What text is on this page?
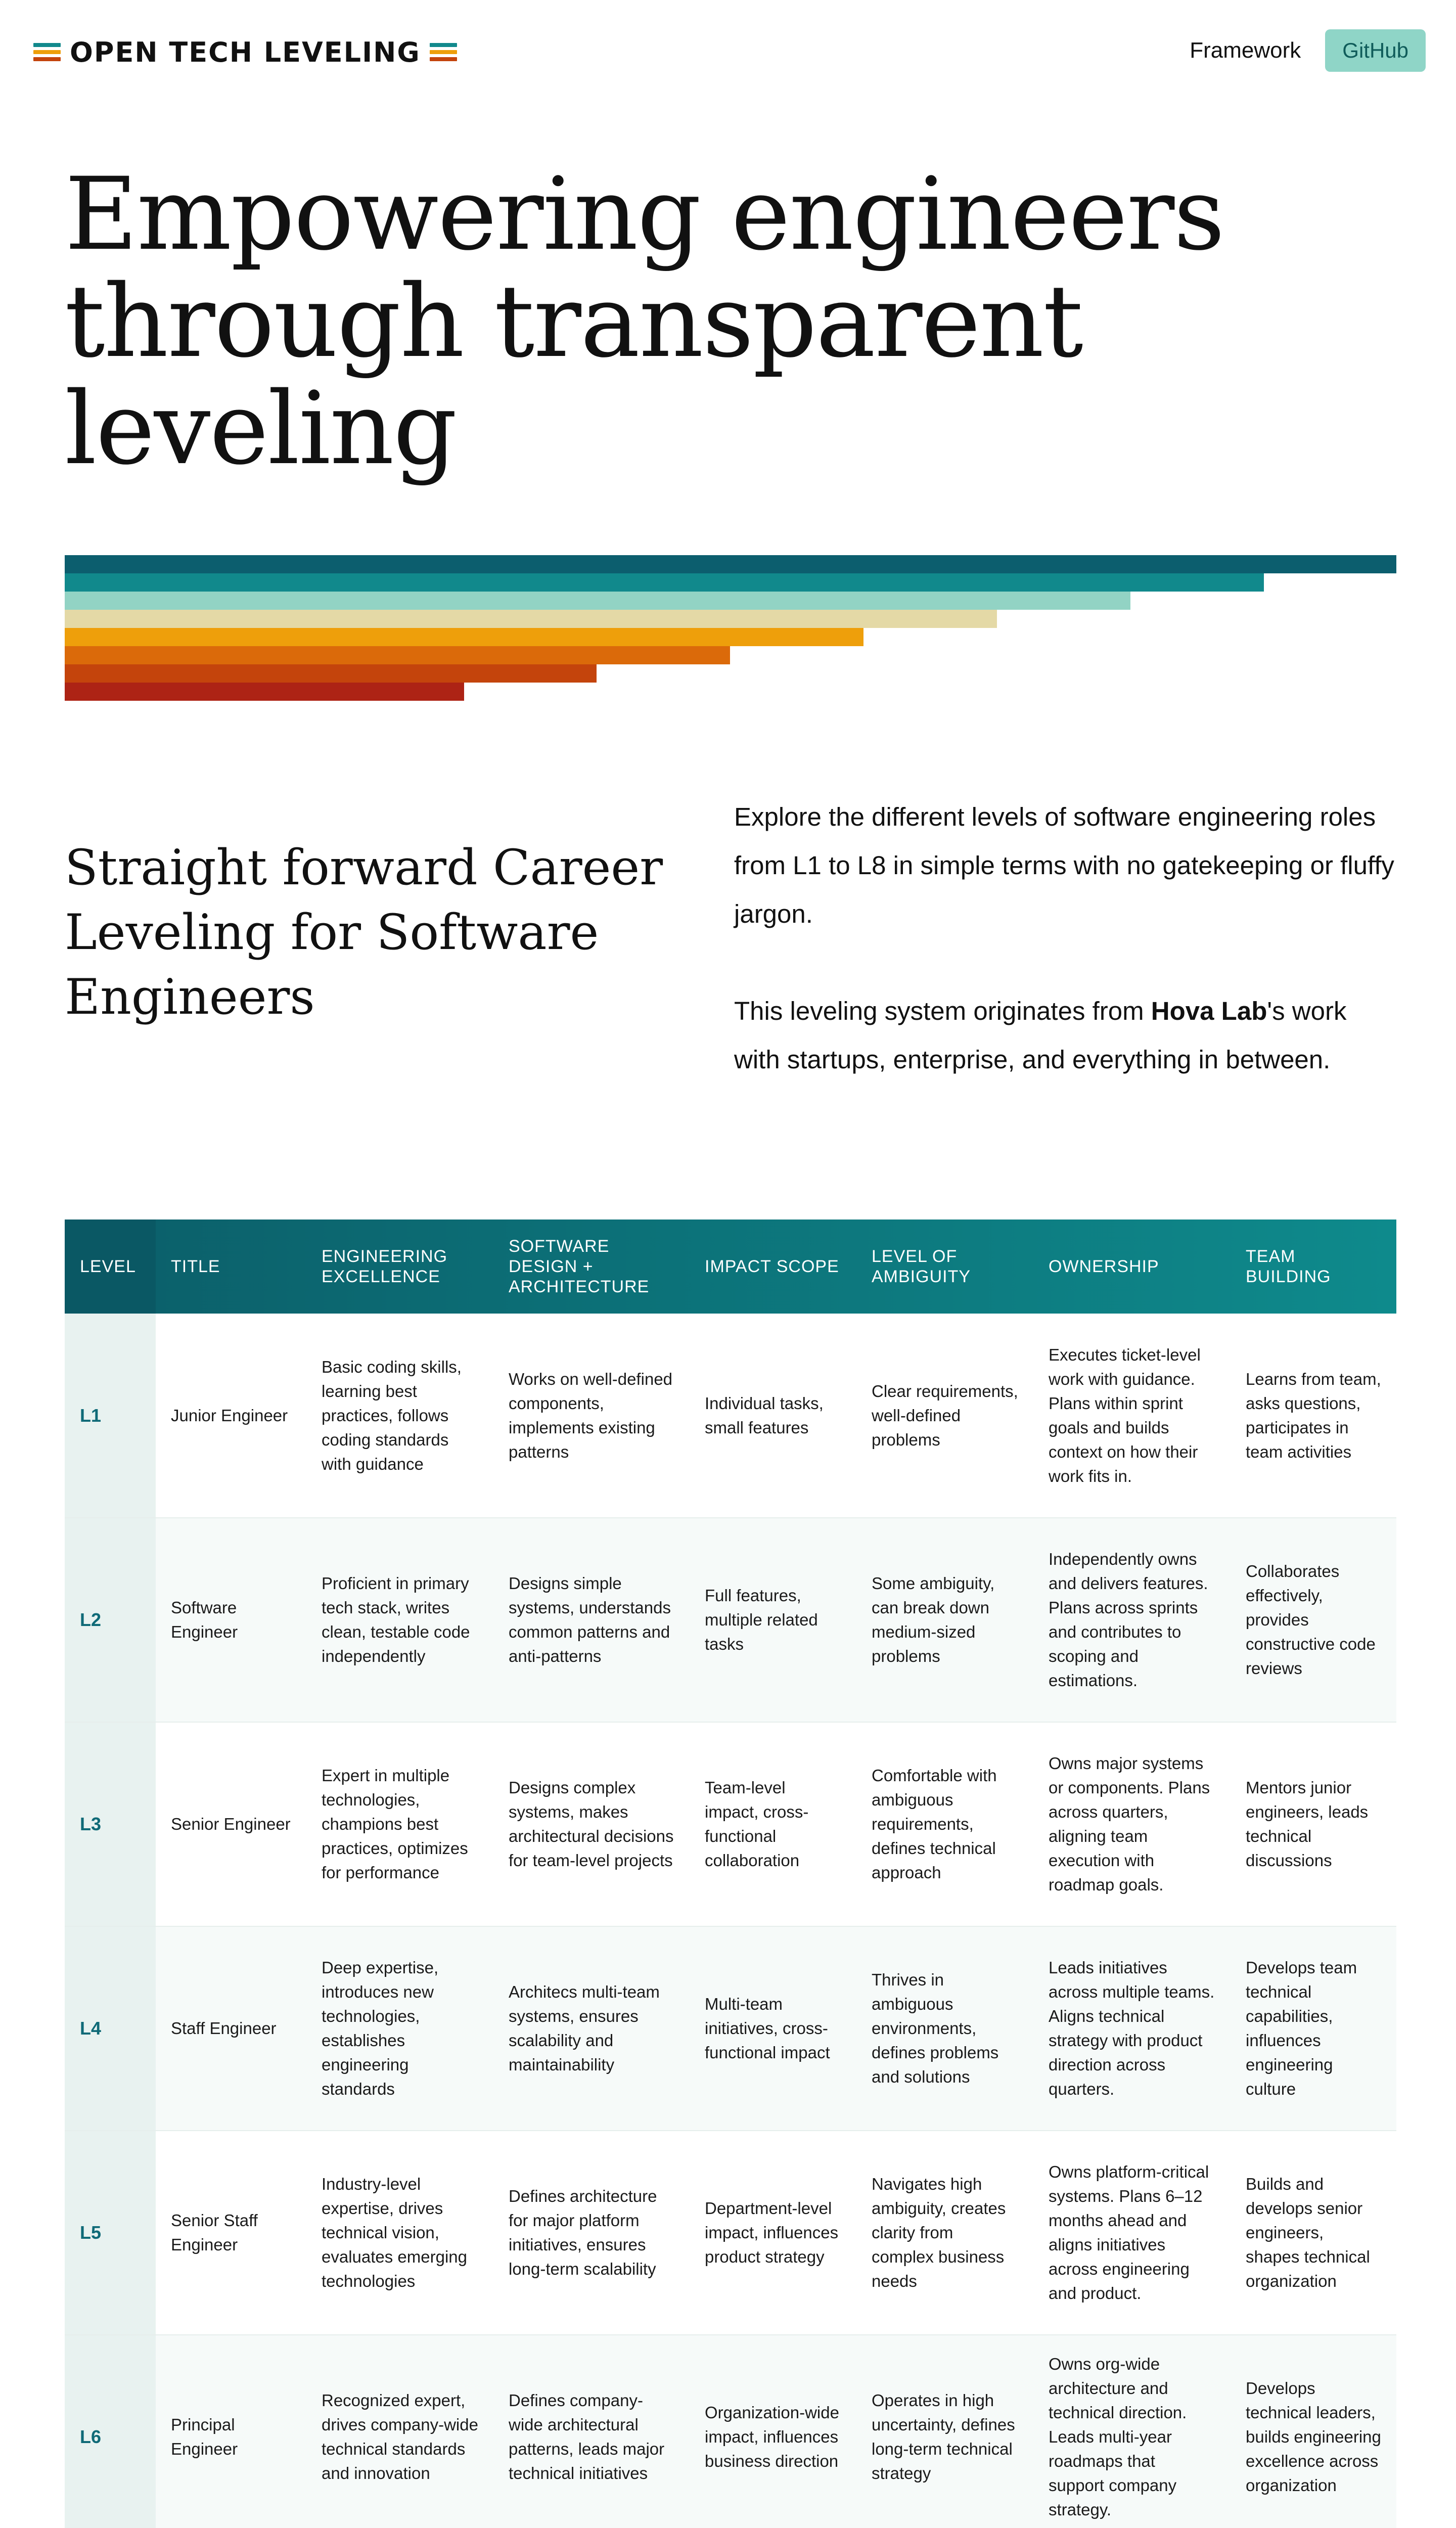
OPEN TECH LEVELING	Framework	GitHub
Empowering engineers
through transparent
leveling
Straight forward Career
Leveling for Software
Engineers

Explore the different levels of software engineering roles from L1 to L8 in simple terms with no gatekeeping or fluffy jargon.

This leveling system originates from Hova Lab's work with startups, enterprise, and everything in between.

LEVEL	TITLE	ENGINEERING EXCELLENCE	SOFTWARE DESIGN + ARCHITECTURE	IMPACT SCOPE	LEVEL OF AMBIGUITY	OWNERSHIP	TEAM BUILDING
L1	Junior Engineer	Basic coding skills, learning best practices, follows coding standards with guidance	Works on well-defined components, implements existing patterns	Individual tasks, small features	Clear requirements, well-defined problems	Executes ticket-level work with guidance. Plans within sprint goals and builds context on how their work fits in.	Learns from team, asks questions, participates in team activities
L2	Software Engineer	Proficient in primary tech stack, writes clean, testable code independently	Designs simple systems, understands common patterns and anti-patterns	Full features, multiple related tasks	Some ambiguity, can break down medium-sized problems	Independently owns and delivers features. Plans across sprints and contributes to scoping and estimations.	Collaborates effectively, provides constructive code reviews
L3	Senior Engineer	Expert in multiple technologies, champions best practices, optimizes for performance	Designs complex systems, makes architectural decisions for team-level projects	Team-level impact, cross-functional collaboration	Comfortable with ambiguous requirements, defines technical approach	Owns major systems or components. Plans across quarters, aligning team execution with roadmap goals.	Mentors junior engineers, leads technical discussions
L4	Staff Engineer	Deep expertise, introduces new technologies, establishes engineering standards	Architecs multi-team systems, ensures scalability and maintainability	Multi-team initiatives, cross-functional impact	Thrives in ambiguous environments, defines problems and solutions	Leads initiatives across multiple teams. Aligns technical strategy with product direction across quarters.	Develops team technical capabilities, influences engineering culture
L5	Senior Staff Engineer	Industry-level expertise, drives technical vision, evaluates emerging technologies	Defines architecture for major platform initiatives, ensures long-term scalability	Department-level impact, influences product strategy	Navigates high ambiguity, creates clarity from complex business needs	Owns platform-critical systems. Plans 6–12 months ahead and aligns initiatives across engineering and product.	Builds and develops senior engineers, shapes technical organization
L6	Principal Engineer	Recognized expert, drives company-wide technical standards and innovation	Defines company-wide architectural patterns, leads major technical initiatives	Organization-wide impact, influences business direction	Operates in high uncertainty, defines long-term technical strategy	Owns org-wide architecture and technical direction. Leads multi-year roadmaps that support company strategy.	Develops technical leaders, builds engineering excellence across organization
